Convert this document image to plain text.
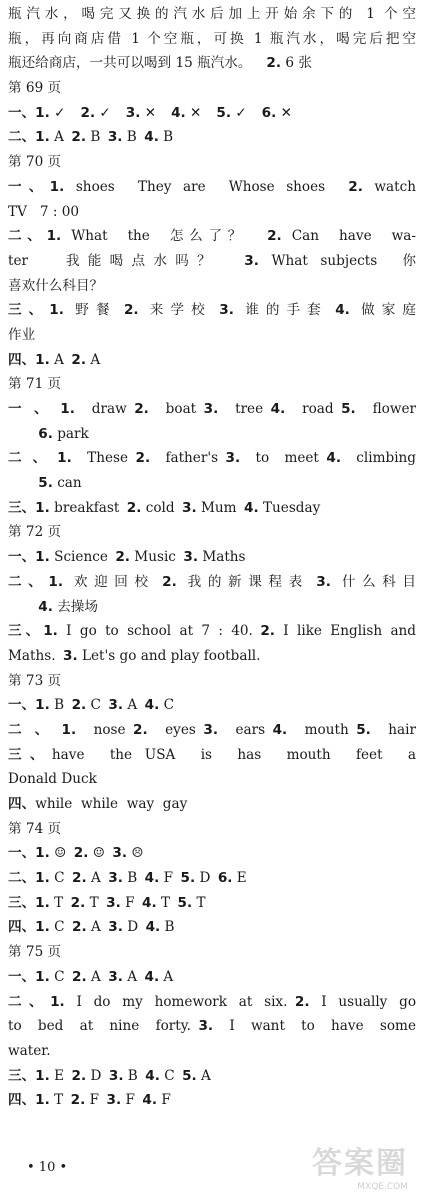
瓶汽水，喝完又换的汽水后加上开始余下的 1 个空
瓶，再向商店借 1 个空瓶，可换 1 瓶汽水，喝完后把空
瓶还给商店，一共可以喝到 15 瓶汽水。 2. 6 张
第 69 页
一、1. ✓ 2. ✓ 3. ✕ 4. ✕ 5. ✓ 6. ✕
二、1. A 2. B 3. B 4. B
第 70 页
一、1. shoes  They are  Whose shoes  2. watch
TV   7 : 00
二、1. What  the  怎么了？  2. Can  have  wa-
ter   我能喝点水吗？  3. What subjects  你
喜欢什么科目？
三、1. 野餐 2. 来学校 3. 谁的手套 4. 做家庭
作业
四、1. A 2. A
第 71 页
一、1. draw 2. boat 3. tree 4. road 5. flower
6. park
二、1. These 2. father's 3. to meet 4. climbing
5. can
三、1. breakfast 2. cold 3. Mum 4. Tuesday
第 72 页
一、1. Science 2. Music 3. Maths
二、1. 欢迎回校 2. 我的新课程表 3. 什么科目
4. 去操场
三、1. I go to school at 7 : 40. 2. I like English and
Maths. 3. Let's go and play football.
第 73 页
一、1. B 2. C 3. A 4. C
二、1. nose 2. eyes 3. ears 4. mouth 5. hair
三、have  the USA  is  has  mouth  feet  a
Donald Duck
四、while  while  way  gay
第 74 页
一、1. ☺ 2. ☺ 3. ☹
二、1. C 2. A 3. B 4. F 5. D 6. E
三、1. T 2. T 3. F 4. T 5. T
四、1. C 2. A 3. D 4. B
第 75 页
一、1. C 2. A 3. A 4. A
二、1. I do my homework at six. 2. I usually go
to bed at nine forty. 3. I want to have some
water.
三、1. E 2. D 3. B 4. C 5. A
四、1. T 2. F 3. F 4. F
• 10 •	答案圈
MXQE.COM
